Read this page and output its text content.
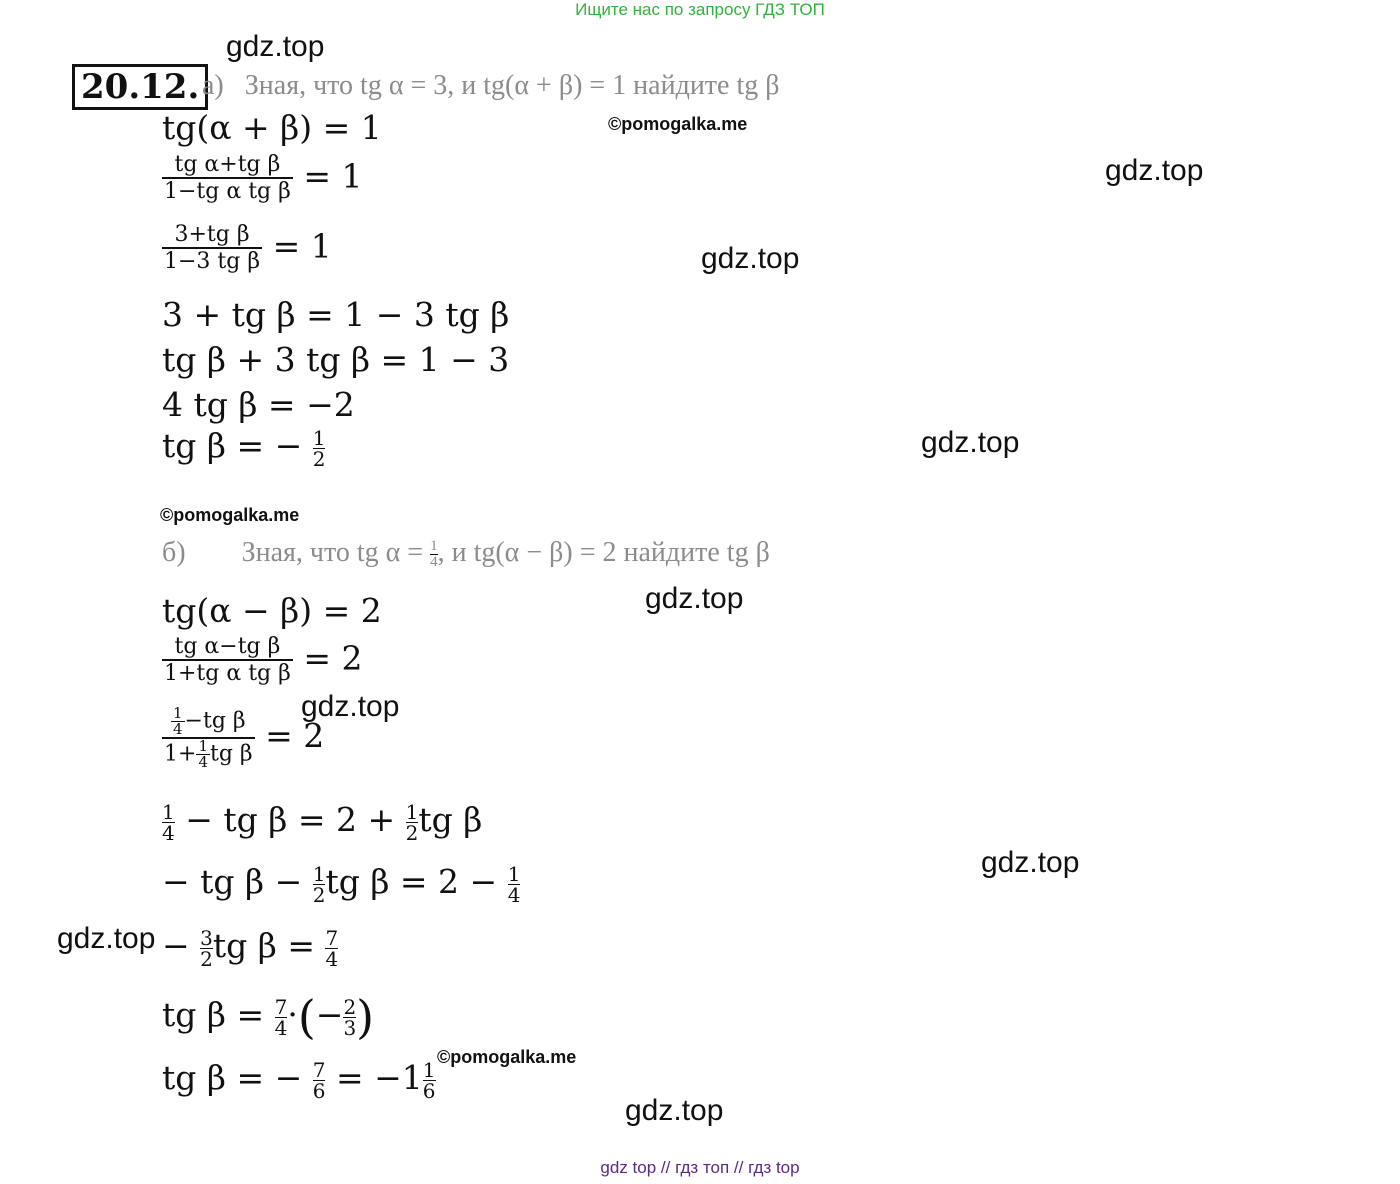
Ищите нас по запросу ГДЗ ТОП
gdz.top
gdz.top
gdz.top
gdz.top
gdz.top
gdz.top
gdz.top
gdz.top
gdz.top
©pomogalka.me
©pomogalka.me
©pomogalka.me
20.12. а) Зная, что tg α = 3, и tg(α + β) = 1 найдите tg β
tg(α + β) = 1
$\frac{\text{tg α+tg β}}{\text{1−tg α tg β}} = 1$
$\frac{\text{3+tg β}}{\text{1−3 tg β}} = 1$
3 + tg β = 1 − 3 tg β
tg β + 3 tg β = 1 − 3
4 tg β = −2
tg β = − $\frac{1}{2}$
б) Зная, что tg $\alpha = \frac{1}{4}$ , и tg(α − β) = 2 найдите tg β
tg(α − β) = 2
$\frac{\text{tg α−tg β}}{\text{1+tg α tg β}} = 2$
$\frac{\frac{1}{4} -tg \beta}{1+ \frac{1}{4} tg \beta} = 2$
$\frac{1}{4}$ − tg $\beta = 2 + \frac{1}{2}$ tg β
− tg $\beta - \frac{1}{2}$ tg $\beta = 2 - \frac{1}{4}$
− $\frac{3}{2}$ tg $\beta = \frac{7}{4}$
tg $\beta = \frac{7}{4}$ ·(− $\frac{2}{3}$ )
tg β = − $\frac{7}{6} = -1 \frac{1}{6}$
gdz top // гдз топ // гдз top
